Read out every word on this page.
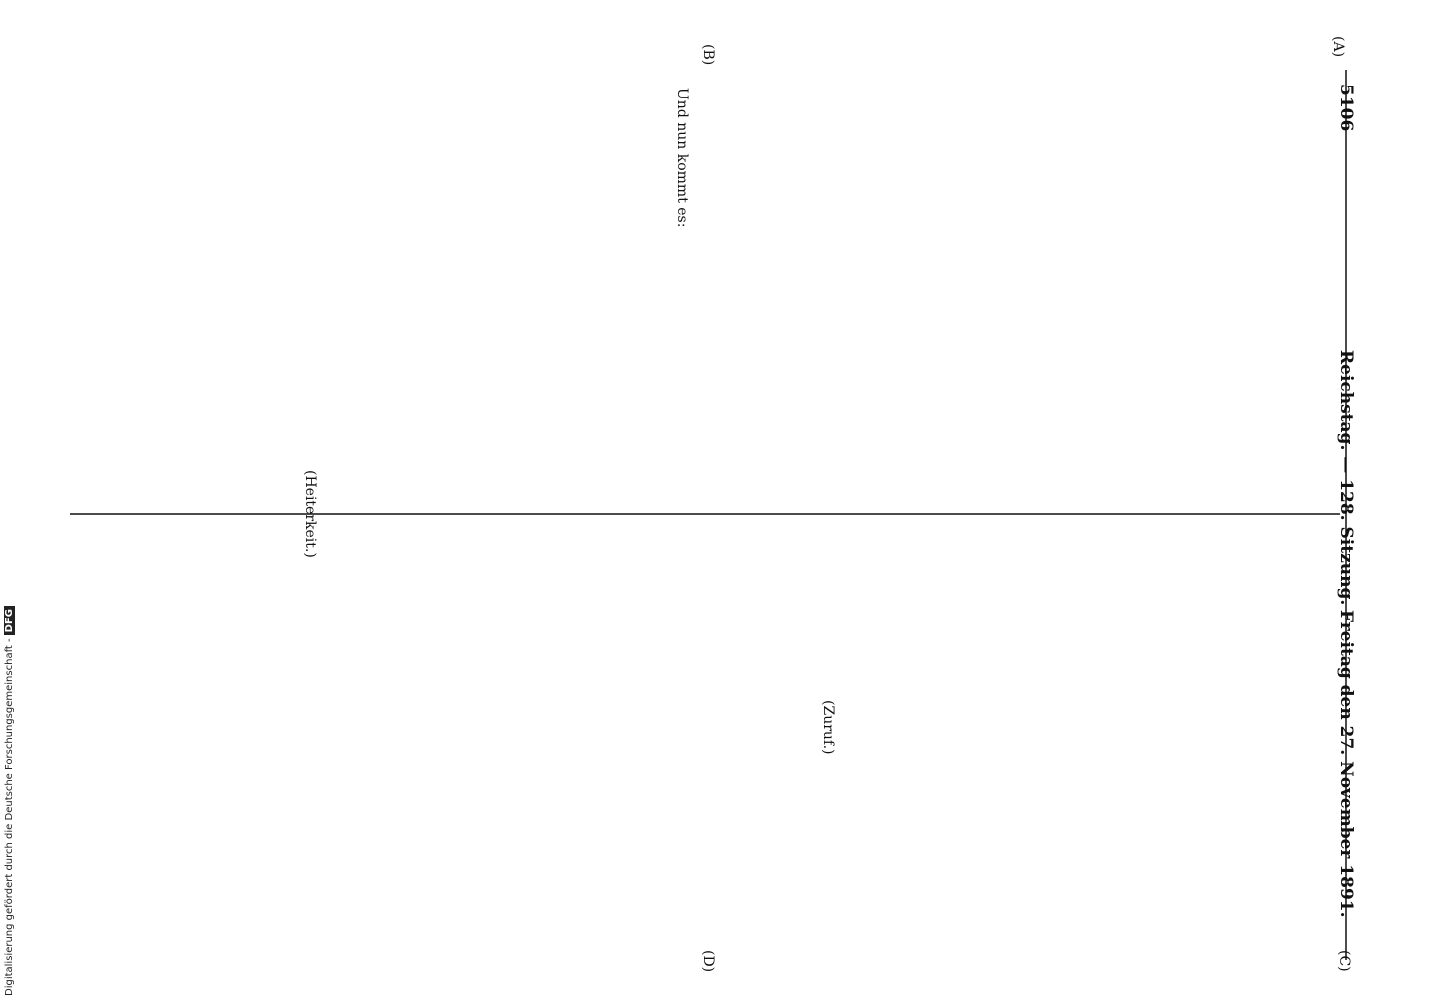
5106
Reichstag. — 128. Sitzung.
Freitag den 27. November 1891.
(A)
(B)
(C)
(D)
Und nun kommt es:
(Heiterkeit.)
(Zuruf.)
Digitalisierung gefördert durch die Deutsche Forschungsgemeinschaft -DFG
